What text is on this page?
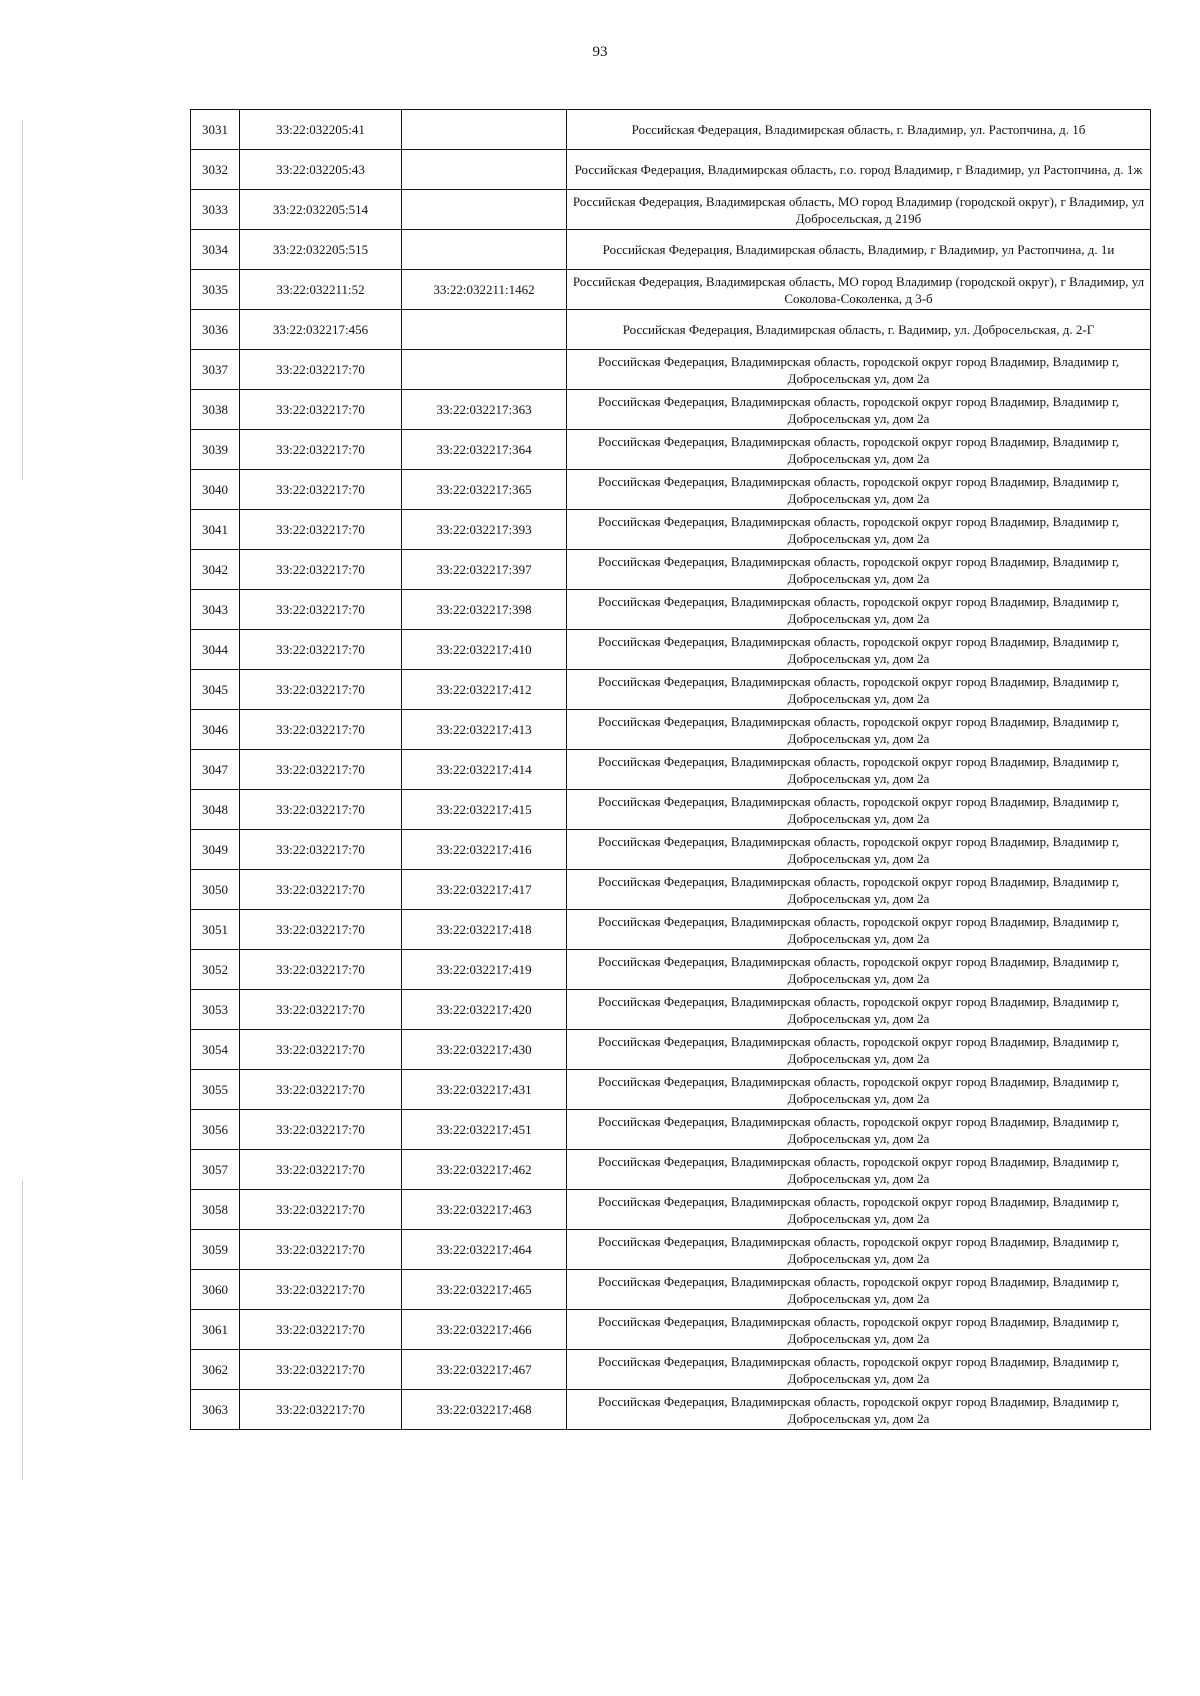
93
3031	33:22:032205:41		Российская Федерация, Владимирская область, г. Владимир, ул. Растопчина, д. 1б
3032	33:22:032205:43		Российская Федерация, Владимирская область, г.о. город Владимир, г Владимир, ул Растопчина, д. 1ж
3033	33:22:032205:514		Российская Федерация, Владимирская область, МО город Владимир (городской округ), г Владимир, ул Добросельская, д 219б
3034	33:22:032205:515		Российская Федерация, Владимирская область, Владимир, г Владимир, ул Растопчина, д. 1и
3035	33:22:032211:52	33:22:032211:1462	Российская Федерация, Владимирская область, МО город Владимир (городской округ), г Владимир, ул Соколова-Соколенка, д 3-б
3036	33:22:032217:456		Российская Федерация, Владимирская область, г. Вадимир, ул. Добросельская, д. 2-Г
3037	33:22:032217:70		Российская Федерация, Владимирская область, городской округ город Владимир, Владимир г, Добросельская ул, дом 2а
3038	33:22:032217:70	33:22:032217:363	Российская Федерация, Владимирская область, городской округ город Владимир, Владимир г, Добросельская ул, дом 2а
3039	33:22:032217:70	33:22:032217:364	Российская Федерация, Владимирская область, городской округ город Владимир, Владимир г, Добросельская ул, дом 2а
3040	33:22:032217:70	33:22:032217:365	Российская Федерация, Владимирская область, городской округ город Владимир, Владимир г, Добросельская ул, дом 2а
3041	33:22:032217:70	33:22:032217:393	Российская Федерация, Владимирская область, городской округ город Владимир, Владимир г, Добросельская ул, дом 2а
3042	33:22:032217:70	33:22:032217:397	Российская Федерация, Владимирская область, городской округ город Владимир, Владимир г, Добросельская ул, дом 2а
3043	33:22:032217:70	33:22:032217:398	Российская Федерация, Владимирская область, городской округ город Владимир, Владимир г, Добросельская ул, дом 2а
3044	33:22:032217:70	33:22:032217:410	Российская Федерация, Владимирская область, городской округ город Владимир, Владимир г, Добросельская ул, дом 2а
3045	33:22:032217:70	33:22:032217:412	Российская Федерация, Владимирская область, городской округ город Владимир, Владимир г, Добросельская ул, дом 2а
3046	33:22:032217:70	33:22:032217:413	Российская Федерация, Владимирская область, городской округ город Владимир, Владимир г, Добросельская ул, дом 2а
3047	33:22:032217:70	33:22:032217:414	Российская Федерация, Владимирская область, городской округ город Владимир, Владимир г, Добросельская ул, дом 2а
3048	33:22:032217:70	33:22:032217:415	Российская Федерация, Владимирская область, городской округ город Владимир, Владимир г, Добросельская ул, дом 2а
3049	33:22:032217:70	33:22:032217:416	Российская Федерация, Владимирская область, городской округ город Владимир, Владимир г, Добросельская ул, дом 2а
3050	33:22:032217:70	33:22:032217:417	Российская Федерация, Владимирская область, городской округ город Владимир, Владимир г, Добросельская ул, дом 2а
3051	33:22:032217:70	33:22:032217:418	Российская Федерация, Владимирская область, городской округ город Владимир, Владимир г, Добросельская ул, дом 2а
3052	33:22:032217:70	33:22:032217:419	Российская Федерация, Владимирская область, городской округ город Владимир, Владимир г, Добросельская ул, дом 2а
3053	33:22:032217:70	33:22:032217:420	Российская Федерация, Владимирская область, городской округ город Владимир, Владимир г, Добросельская ул, дом 2а
3054	33:22:032217:70	33:22:032217:430	Российская Федерация, Владимирская область, городской округ город Владимир, Владимир г, Добросельская ул, дом 2а
3055	33:22:032217:70	33:22:032217:431	Российская Федерация, Владимирская область, городской округ город Владимир, Владимир г, Добросельская ул, дом 2а
3056	33:22:032217:70	33:22:032217:451	Российская Федерация, Владимирская область, городской округ город Владимир, Владимир г, Добросельская ул, дом 2а
3057	33:22:032217:70	33:22:032217:462	Российская Федерация, Владимирская область, городской округ город Владимир, Владимир г, Добросельская ул, дом 2а
3058	33:22:032217:70	33:22:032217:463	Российская Федерация, Владимирская область, городской округ город Владимир, Владимир г, Добросельская ул, дом 2а
3059	33:22:032217:70	33:22:032217:464	Российская Федерация, Владимирская область, городской округ город Владимир, Владимир г, Добросельская ул, дом 2а
3060	33:22:032217:70	33:22:032217:465	Российская Федерация, Владимирская область, городской округ город Владимир, Владимир г, Добросельская ул, дом 2а
3061	33:22:032217:70	33:22:032217:466	Российская Федерация, Владимирская область, городской округ город Владимир, Владимир г, Добросельская ул, дом 2а
3062	33:22:032217:70	33:22:032217:467	Российская Федерация, Владимирская область, городской округ город Владимир, Владимир г, Добросельская ул, дом 2а
3063	33:22:032217:70	33:22:032217:468	Российская Федерация, Владимирская область, городской округ город Владимир, Владимир г, Добросельская ул, дом 2а
